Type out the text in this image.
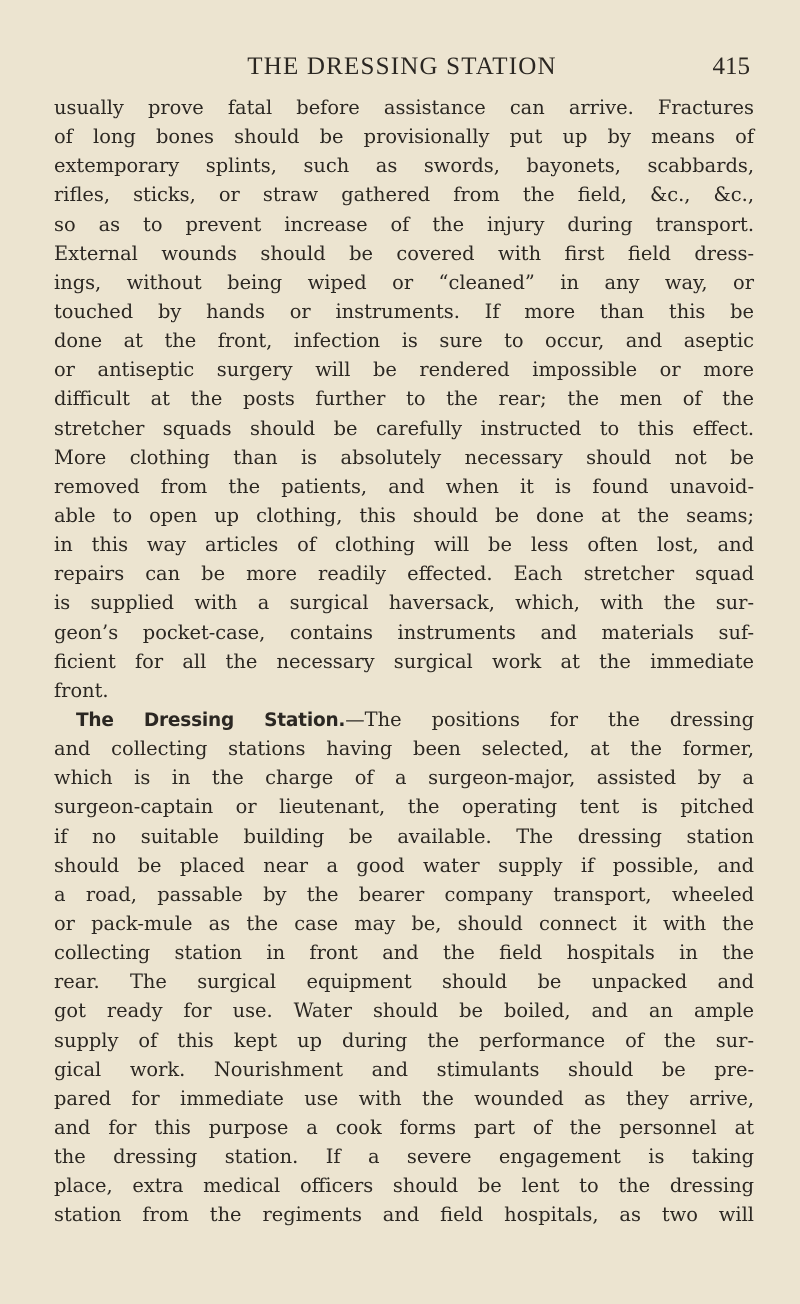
THE DRESSING STATION	415
usually prove fatal before assistance can arrive. Fractures
of long bones should be provisionally put up by means of
extemporary splints, such as swords, bayonets, scabbards,
rifles, sticks, or straw gathered from the field, &c., &c.,
so as to prevent increase of the injury during transport.
External wounds should be covered with first field dress-
ings, without being wiped or “cleaned” in any way, or
touched by hands or instruments. If more than this be
done at the front, infection is sure to occur, and aseptic
or antiseptic surgery will be rendered impossible or more
difficult at the posts further to the rear; the men of the
stretcher squads should be carefully instructed to this effect.
More clothing than is absolutely necessary should not be
removed from the patients, and when it is found unavoid-
able to open up clothing, this should be done at the seams;
in this way articles of clothing will be less often lost, and
repairs can be more readily effected. Each stretcher squad
is supplied with a surgical haversack, which, with the sur-
geon’s pocket-case, contains instruments and materials suf-
ficient for all the necessary surgical work at the immediate
front.
The Dressing Station.—The positions for the dressing
and collecting stations having been selected, at the former,
which is in the charge of a surgeon-major, assisted by a
surgeon-captain or lieutenant, the operating tent is pitched
if no suitable building be available. The dressing station
should be placed near a good water supply if possible, and
a road, passable by the bearer company transport, wheeled
or pack-mule as the case may be, should connect it with the
collecting station in front and the field hospitals in the
rear. The surgical equipment should be unpacked and
got ready for use. Water should be boiled, and an ample
supply of this kept up during the performance of the sur-
gical work. Nourishment and stimulants should be pre-
pared for immediate use with the wounded as they arrive,
and for this purpose a cook forms part of the personnel at
the dressing station. If a severe engagement is taking
place, extra medical officers should be lent to the dressing
station from the regiments and field hospitals, as two will
